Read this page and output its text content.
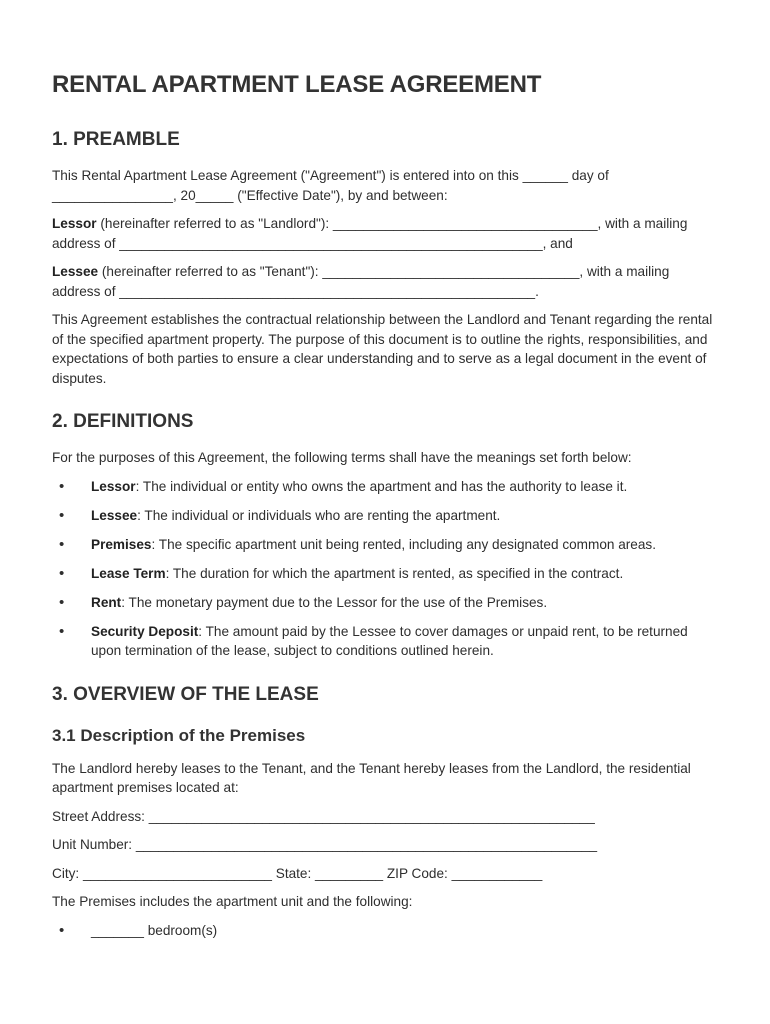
RENTAL APARTMENT LEASE AGREEMENT
1. PREAMBLE

This Rental Apartment Lease Agreement ("Agreement") is entered into on this ______ day of ________________, 20_____ ("Effective Date"), by and between:

Lessor (hereinafter referred to as "Landlord"): ___________________________________, with a mailing address of ________________________________________________________, and

Lessee (hereinafter referred to as "Tenant"): __________________________________, with a mailing address of _______________________________________________________.

This Agreement establishes the contractual relationship between the Landlord and Tenant regarding the rental of the specified apartment property. The purpose of this document is to outline the rights, responsibilities, and expectations of both parties to ensure a clear understanding and to serve as a legal document in the event of disputes.

2. DEFINITIONS

For the purposes of this Agreement, the following terms shall have the meanings set forth below:

• Lessor: The individual or entity who owns the apartment and has the authority to lease it.
• Lessee: The individual or individuals who are renting the apartment.
• Premises: The specific apartment unit being rented, including any designated common areas.
• Lease Term: The duration for which the apartment is rented, as specified in the contract.
• Rent: The monetary payment due to the Lessor for the use of the Premises.
• Security Deposit: The amount paid by the Lessee to cover damages or unpaid rent, to be returned upon termination of the lease, subject to conditions outlined herein.
3. OVERVIEW OF THE LEASE
3.1 Description of the Premises

The Landlord hereby leases to the Tenant, and the Tenant hereby leases from the Landlord, the residential apartment premises located at:

Street Address: ___________________________________________________________

Unit Number: _____________________________________________________________

City: _________________________ State: _________ ZIP Code: ____________

The Premises includes the apartment unit and the following:

• _______ bedroom(s)
